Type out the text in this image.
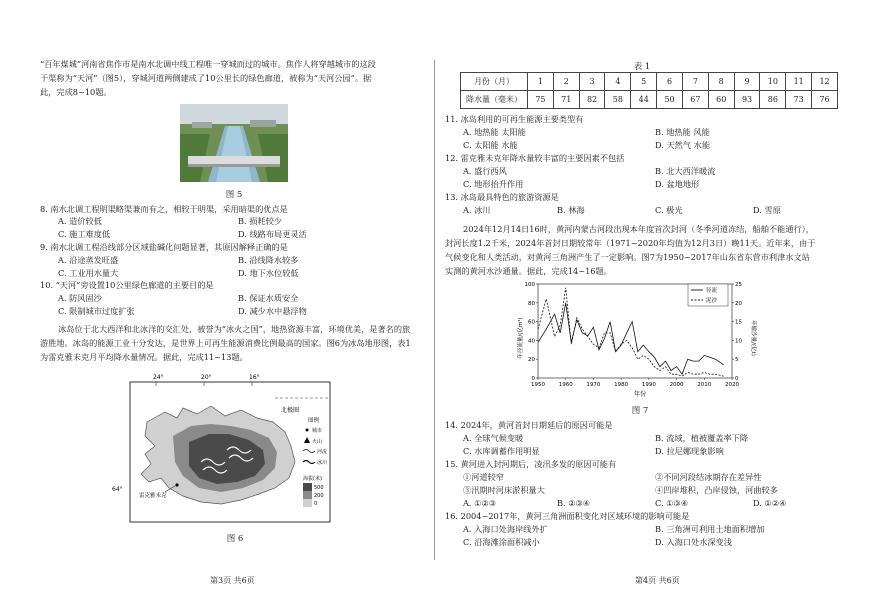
“百年煤城”河南省焦作市是南水北调中线工程唯一穿城而过的城市。焦作人将穿越城市的这段
干渠称为“天河”（图5），穿城河道两侧建成了10公里长的绿色廊道，被称为“天河公园”。据
此，完成8~10题。
图 5
8. 南水北调工程明渠略渠兼而有之，相较于明渠，采用暗渠的优点是
A. 造价较低	B. 损耗较少
C. 施工难度低	D. 线路布局更灵活
9. 南水北调工程沿线部分区域盐碱化问题显著，其原因解释正确的是
A. 沿途蒸发旺盛	B. 沿线降水较多
C. 工业用水量大	D. 地下水位较低
10. “天河”旁设置10公里绿色廊道的主要目的是
A. 防风固沙	B. 保证水质安全
C. 限制城市过度扩张	D. 减少水中悬浮物
冰岛位于北大西洋和北冰洋的交汇处，被誉为“冰火之国”，地热资源丰富，环境优美，是著名的旅
游胜地。冰岛的能源工业十分发达，是世界上可再生能源消费比例最高的国家。图6为冰岛地形图，表1
为雷克雅未克月平均降水量情况。据此，完成11~13题。
24°	20°	16°
北极圈
64°
雷克雅未克
图例
城市
火山
河流
冰川
海拔(米)
500
200
0
图 6
第3页 共6页
表 1
月份（月）	1	2	3	4	5	6	7	8	9	10	11	12
降水量（毫米）	75	71	82	58	44	50	67	60	93	86	73	76
11. 冰岛利用的可再生能源主要类型有
A. 地热能 太阳能	B. 地热能 风能
C. 太阳能 水能	D. 天然气 水能
12. 雷克雅未克年降水量较丰富的主要因素不包括
A. 盛行西风	B. 北大西洋暖流
C. 地形抬升作用	D. 盆地地形
13. 冰岛最具特色的旅游资源是
A. 冰川	B. 林海	C. 极光	D. 雪原
2024年12月14日16时，黄河内蒙古河段出现本年度首次封河（冬季河道冻结，船舶不能通行），
封河长度1.2千米，2024年首封日期较常年（1971~2020年均值为12月3日）晚11天。近年来，由于
气候变化和人类活动，对黄河三角洲产生了一定影响。图7为1950~2017年山东省东营市利津水文站
实测的黄河水沙通量。据此，完成14~16题。
1950 1960 1970 1980 1990 2000 2010 2020
0
20
40
60
80
100
0
5
10
15
20
25
年径流量/(亿m³)	年输沙量/(亿t)
年份
径流
泥沙
图 7
14. 2024年，黄河首封日期延后的原因可能是
A. 全球气候变暖	B. 流域，植被覆盖率下降
C. 水库调蓄作用明显	D. 拉尼娜现象影响
15. 黄河进入封河期后，凌汛多发的原因可能有
①河道较窄	②不同河段结冰期存在差异性
③汛期时河床淤积量大	④凹岸堆积，凸岸侵蚀，河曲较多
A. ①②③	B. ②③④	C. ①③④	D. ①②④
16. 2004~2017年，黄河三角洲面积变化对区域环境的影响可能是
A. 入海口处海岸线外扩	B. 三角洲可利用土地面积增加
C. 沿海滩涂面积减小	D. 入海口处水深变浅
第4页 共6页
